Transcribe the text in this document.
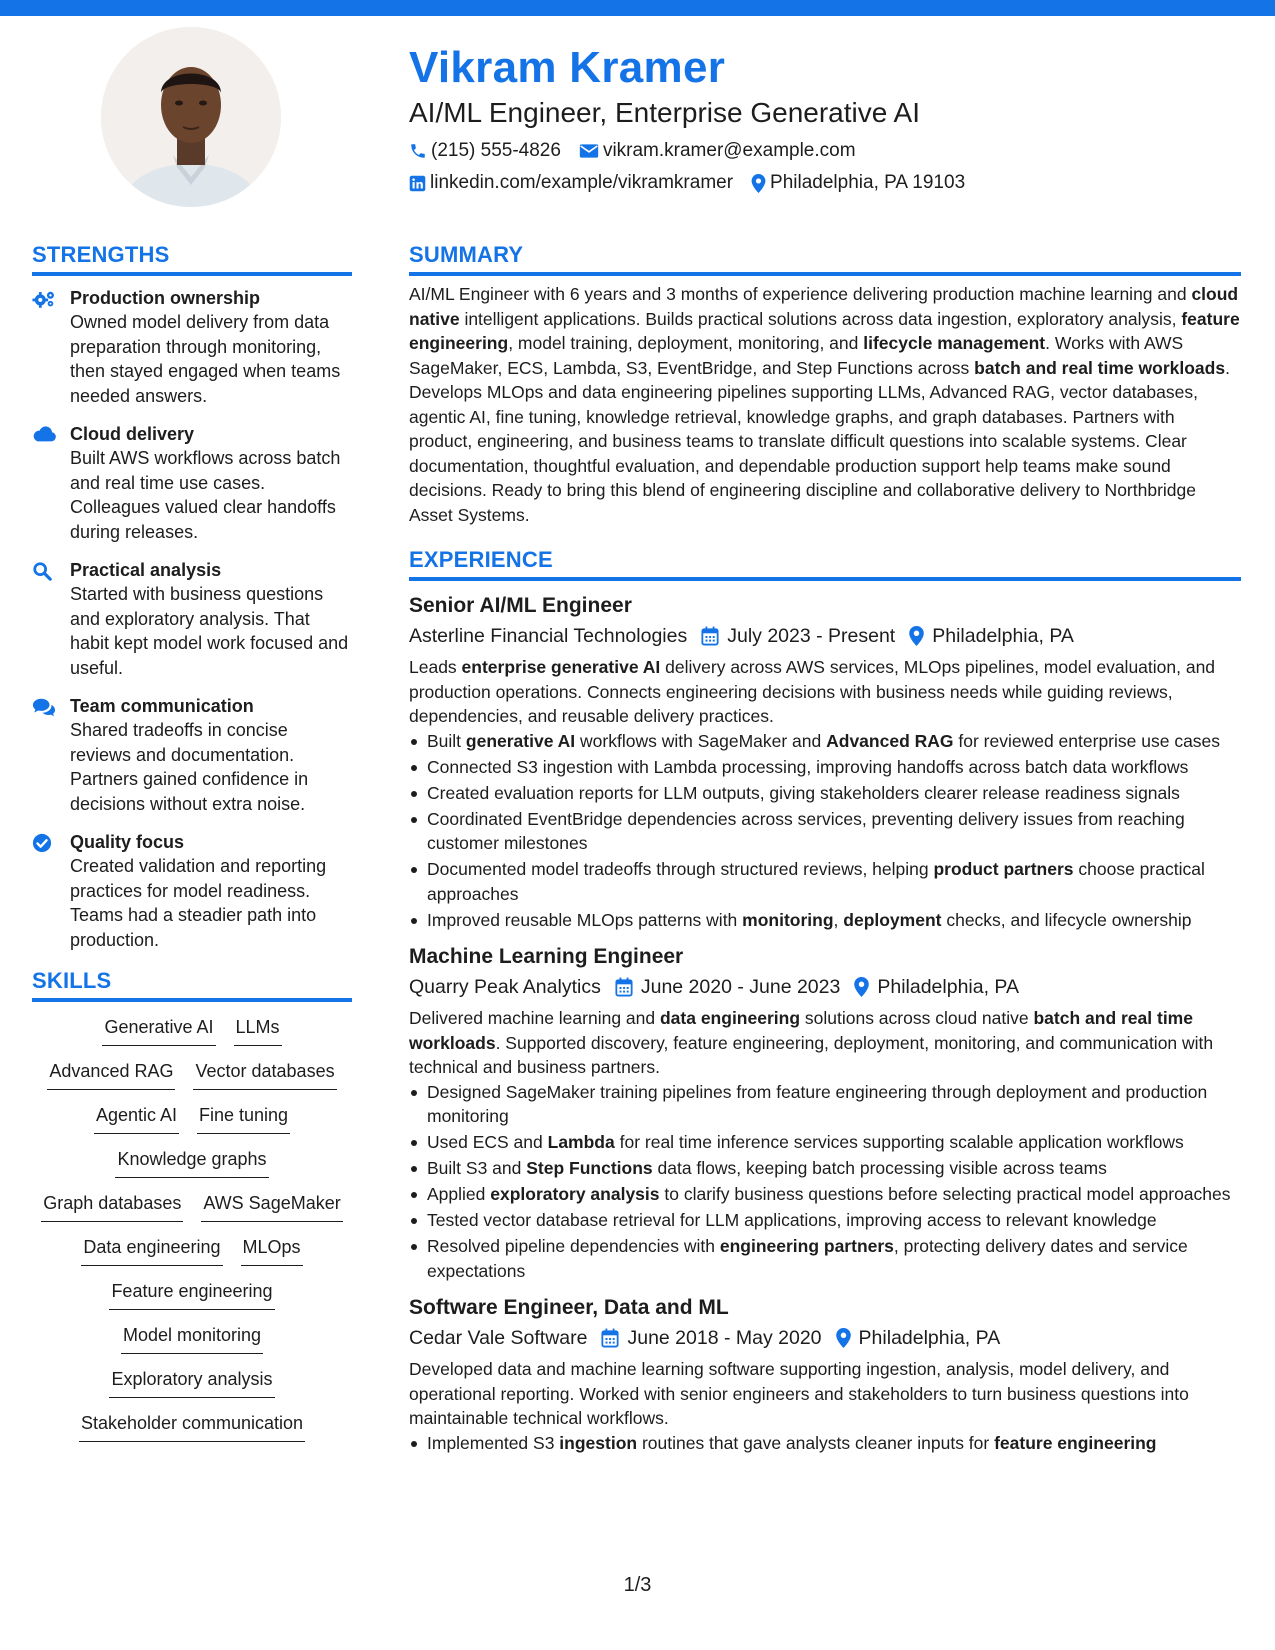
Vikram Kramer
AI/ML Engineer, Enterprise Generative AI
(215) 555-4826 vikram.kramer@example.com
linkedin.com/example/vikramkramer Philadelphia, PA 19103
STRENGTHS
Production ownership
Owned model delivery from data preparation through monitoring, then stayed engaged when teams needed answers.
Cloud delivery
Built AWS workflows across batch and real time use cases. Colleagues valued clear handoffs during releases.
Practical analysis
Started with business questions and exploratory analysis. That habit kept model work focused and useful.
Team communication
Shared tradeoffs in concise reviews and documentation. Partners gained confidence in decisions without extra noise.
Quality focus
Created validation and reporting practices for model readiness. Teams had a steadier path into production.
SKILLS
Generative AI LLMs
Advanced RAG Vector databases
Agentic AI Fine tuning
Knowledge graphs
Graph databases AWS SageMaker
Data engineering MLOps
Feature engineering
Model monitoring
Exploratory analysis
Stakeholder communication
SUMMARY

AI/ML Engineer with 6 years and 3 months of experience delivering production machine learning and cloud native intelligent applications. Builds practical solutions across data ingestion, exploratory analysis, feature engineering, model training, deployment, monitoring, and lifecycle management. Works with AWS SageMaker, ECS, Lambda, S3, EventBridge, and Step Functions across batch and real time workloads. Develops MLOps and data engineering pipelines supporting LLMs, Advanced RAG, vector databases, agentic AI, fine tuning, knowledge retrieval, knowledge graphs, and graph databases. Partners with product, engineering, and business teams to translate difficult questions into scalable systems. Clear documentation, thoughtful evaluation, and dependable production support help teams make sound decisions. Ready to bring this blend of engineering discipline and collaborative delivery to Northbridge Asset Systems.

EXPERIENCE
Senior AI/ML Engineer
Asterline Financial Technologies July 2023 - Present Philadelphia, PA

Leads enterprise generative AI delivery across AWS services, MLOps pipelines, model evaluation, and production operations. Connects engineering decisions with business needs while guiding reviews, dependencies, and reusable delivery practices.

Built generative AI workflows with SageMaker and Advanced RAG for reviewed enterprise use cases
Connected S3 ingestion with Lambda processing, improving handoffs across batch data workflows
Created evaluation reports for LLM outputs, giving stakeholders clearer release readiness signals
Coordinated EventBridge dependencies across services, preventing delivery issues from reaching customer milestones
Documented model tradeoffs through structured reviews, helping product partners choose practical approaches
Improved reusable MLOps patterns with monitoring, deployment checks, and lifecycle ownership
Machine Learning Engineer
Quarry Peak Analytics June 2020 - June 2023 Philadelphia, PA

Delivered machine learning and data engineering solutions across cloud native batch and real time workloads. Supported discovery, feature engineering, deployment, monitoring, and communication with technical and business partners.

Designed SageMaker training pipelines from feature engineering through deployment and production monitoring
Used ECS and Lambda for real time inference services supporting scalable application workflows
Built S3 and Step Functions data flows, keeping batch processing visible across teams
Applied exploratory analysis to clarify business questions before selecting practical model approaches
Tested vector database retrieval for LLM applications, improving access to relevant knowledge
Resolved pipeline dependencies with engineering partners, protecting delivery dates and service expectations
Software Engineer, Data and ML
Cedar Vale Software June 2018 - May 2020 Philadelphia, PA

Developed data and machine learning software supporting ingestion, analysis, model delivery, and operational reporting. Worked with senior engineers and stakeholders to turn business questions into maintainable technical workflows.

Implemented S3 ingestion routines that gave analysts cleaner inputs for feature engineering
1/3
